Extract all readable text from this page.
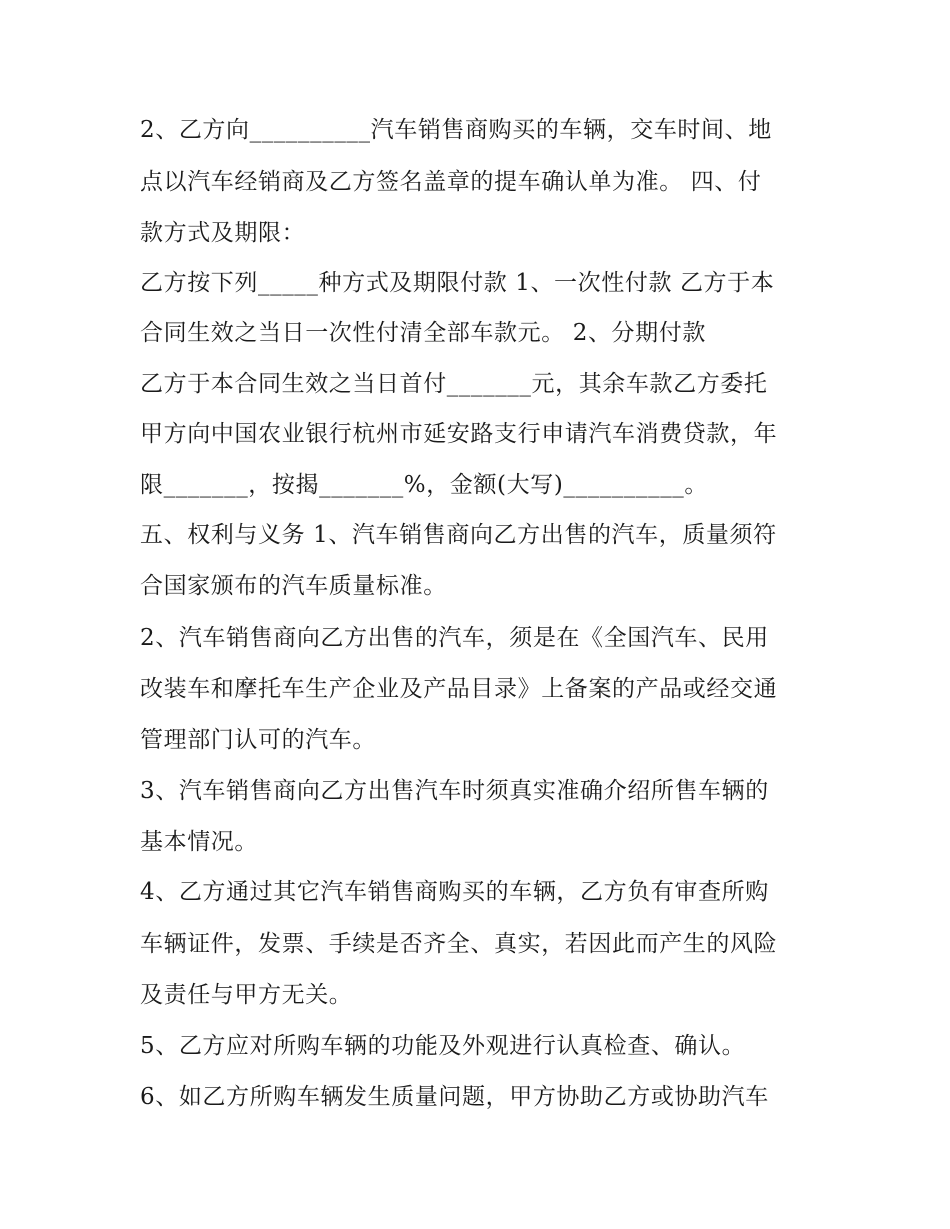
2、乙方向__________汽车销售商购买的车辆，交车时间、地
点以汽车经销商及乙方签名盖章的提车确认单为准。 四、付
款方式及期限：
乙方按下列_____种方式及期限付款 1、一次性付款 乙方于本
合同生效之当日一次性付清全部车款元。 2、分期付款
乙方于本合同生效之当日首付_______元，其余车款乙方委托
甲方向中国农业银行杭州市延安路支行申请汽车消费贷款，年
限_______，按揭_______%，金额(大写)__________。
五、权利与义务 1、汽车销售商向乙方出售的汽车，质量须符
合国家颁布的汽车质量标准。
2、汽车销售商向乙方出售的汽车，须是在《全国汽车、民用
改装车和摩托车生产企业及产品目录》上备案的产品或经交通
管理部门认可的汽车。
3、汽车销售商向乙方出售汽车时须真实准确介绍所售车辆的
基本情况。
4、乙方通过其它汽车销售商购买的车辆，乙方负有审查所购
车辆证件，发票、手续是否齐全、真实，若因此而产生的风险
及责任与甲方无关。
5、乙方应对所购车辆的功能及外观进行认真检查、确认。
6、如乙方所购车辆发生质量问题，甲方协助乙方或协助汽车
